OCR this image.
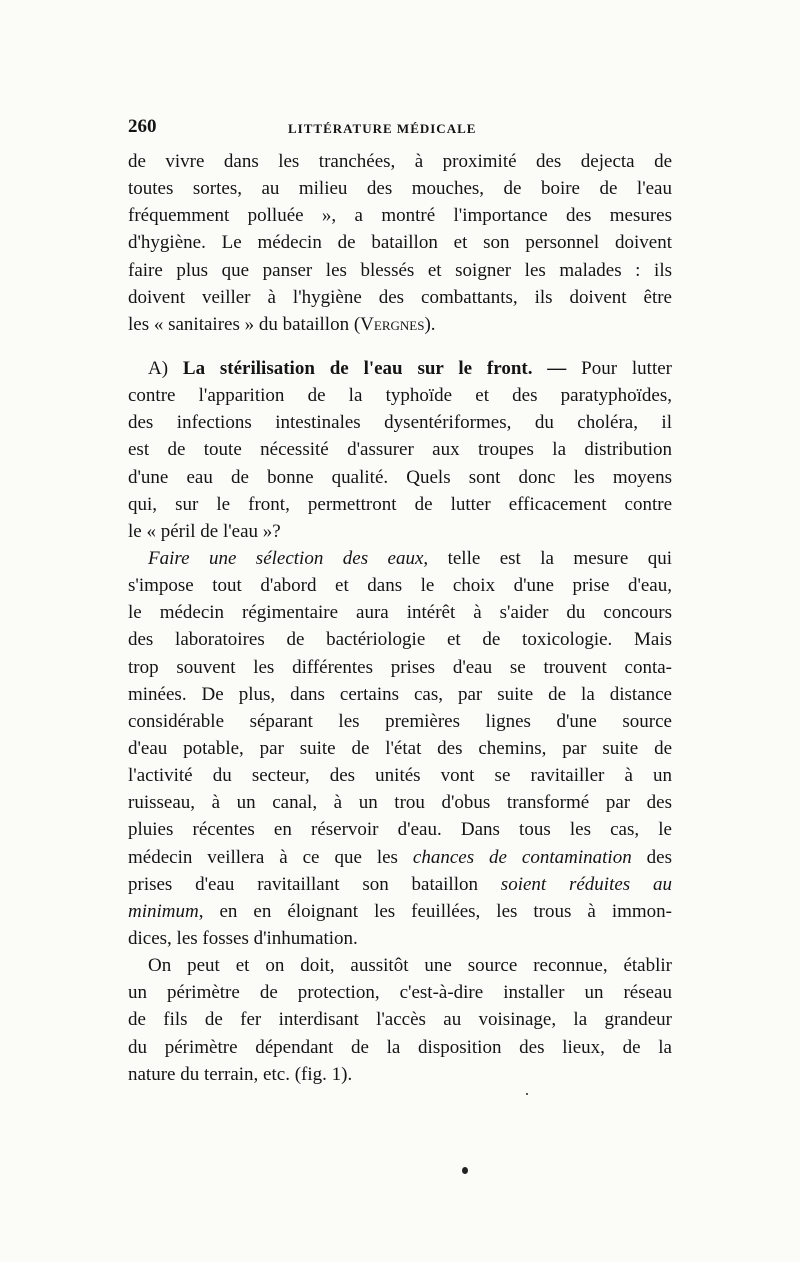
260	LITTÉRATURE MÉDICALE
de vivre dans les tranchées, à proximité des dejecta de
toutes sortes, au milieu des mouches, de boire de l'eau
fréquemment polluée », a montré l'importance des mesures
d'hygiène. Le médecin de bataillon et son personnel doivent
faire plus que panser les blessés et soigner les malades : ils
doivent veiller à l'hygiène des combattants, ils doivent être
les « sanitaires » du bataillon (Vergnes).
A) La stérilisation de l'eau sur le front. — Pour lutter
contre l'apparition de la typhoïde et des paratyphoïdes,
des infections intestinales dysentériformes, du choléra, il
est de toute nécessité d'assurer aux troupes la distribution
d'une eau de bonne qualité. Quels sont donc les moyens
qui, sur le front, permettront de lutter efficacement contre
le « péril de l'eau »?
Faire une sélection des eaux, telle est la mesure qui
s'impose tout d'abord et dans le choix d'une prise d'eau,
le médecin régimentaire aura intérêt à s'aider du concours
des laboratoires de bactériologie et de toxicologie. Mais
trop souvent les différentes prises d'eau se trouvent conta-
minées. De plus, dans certains cas, par suite de la distance
considérable séparant les premières lignes d'une source
d'eau potable, par suite de l'état des chemins, par suite de
l'activité du secteur, des unités vont se ravitailler à un
ruisseau, à un canal, à un trou d'obus transformé par des
pluies récentes en réservoir d'eau. Dans tous les cas, le
médecin veillera à ce que les chances de contamination des
prises d'eau ravitaillant son bataillon soient réduites au
minimum, en en éloignant les feuillées, les trous à immon-
dices, les fosses d'inhumation.
On peut et on doit, aussitôt une source reconnue, établir
un périmètre de protection, c'est-à-dire installer un réseau
de fils de fer interdisant l'accès au voisinage, la grandeur
du périmètre dépendant de la disposition des lieux, de la
nature du terrain, etc. (fig. 1).
